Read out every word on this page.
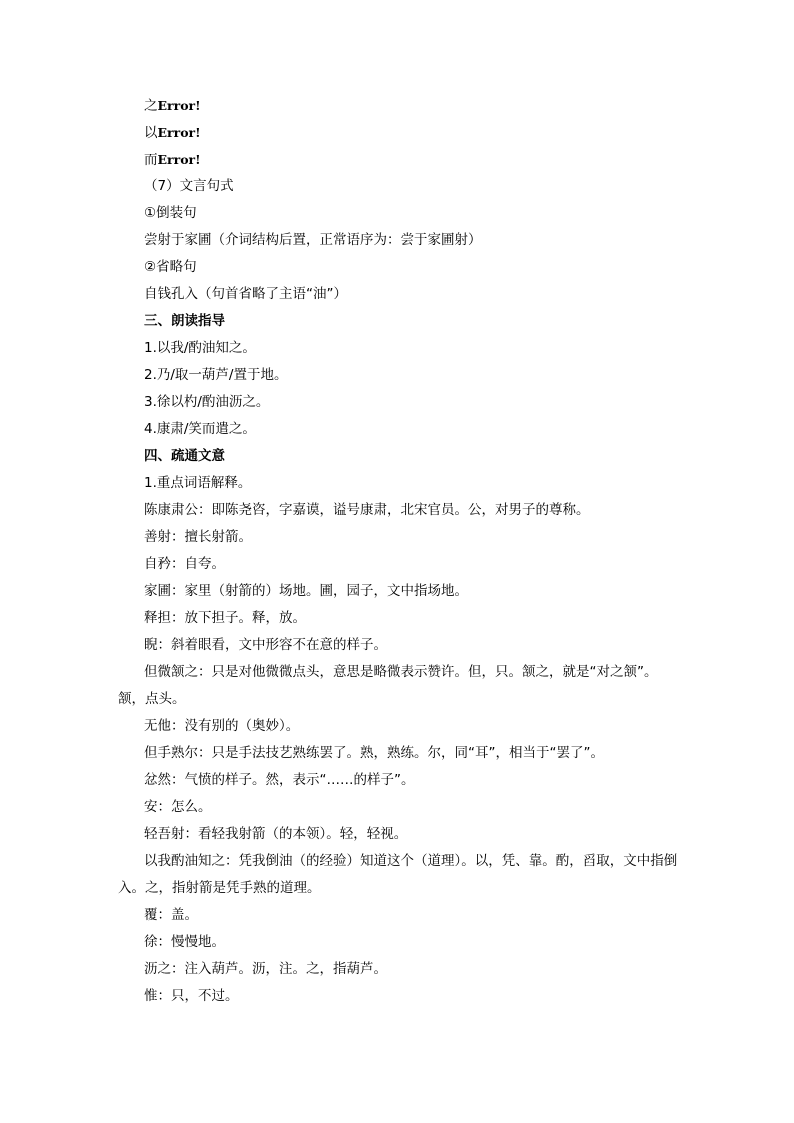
之Error!
以Error!
而Error!
（7）文言句式
①倒装句
尝射于家圃（介词结构后置，正常语序为：尝于家圃射）
②省略句
自钱孔入（句首省略了主语“油”）
三、朗读指导
1.以我/酌油知之。
2.乃/取一葫芦/置于地。
3.徐以杓/酌油沥之。
4.康肃/笑而遣之。
四、疏通文意
1.重点词语解释。
陈康肃公：即陈尧咨，字嘉谟，谥号康肃，北宋官员。公，对男子的尊称。
善射：擅长射箭。
自矜：自夸。
家圃：家里（射箭的）场地。圃，园子，文中指场地。
释担：放下担子。释，放。
睨：斜着眼看，文中形容不在意的样子。
但微颔之：只是对他微微点头，意思是略微表示赞许。但，只。颔之，就是“对之颔”。颔，点头。
无他：没有别的（奥妙）。
但手熟尔：只是手法技艺熟练罢了。熟，熟练。尔，同“耳”，相当于“罢了”。
忿然：气愤的样子。然，表示“……的样子”。
安：怎么。
轻吾射：看轻我射箭（的本领）。轻，轻视。
以我酌油知之：凭我倒油（的经验）知道这个（道理）。以，凭、靠。酌，舀取，文中指倒入。之，指射箭是凭手熟的道理。
覆：盖。
徐：慢慢地。
沥之：注入葫芦。沥，注。之，指葫芦。
惟：只，不过。
